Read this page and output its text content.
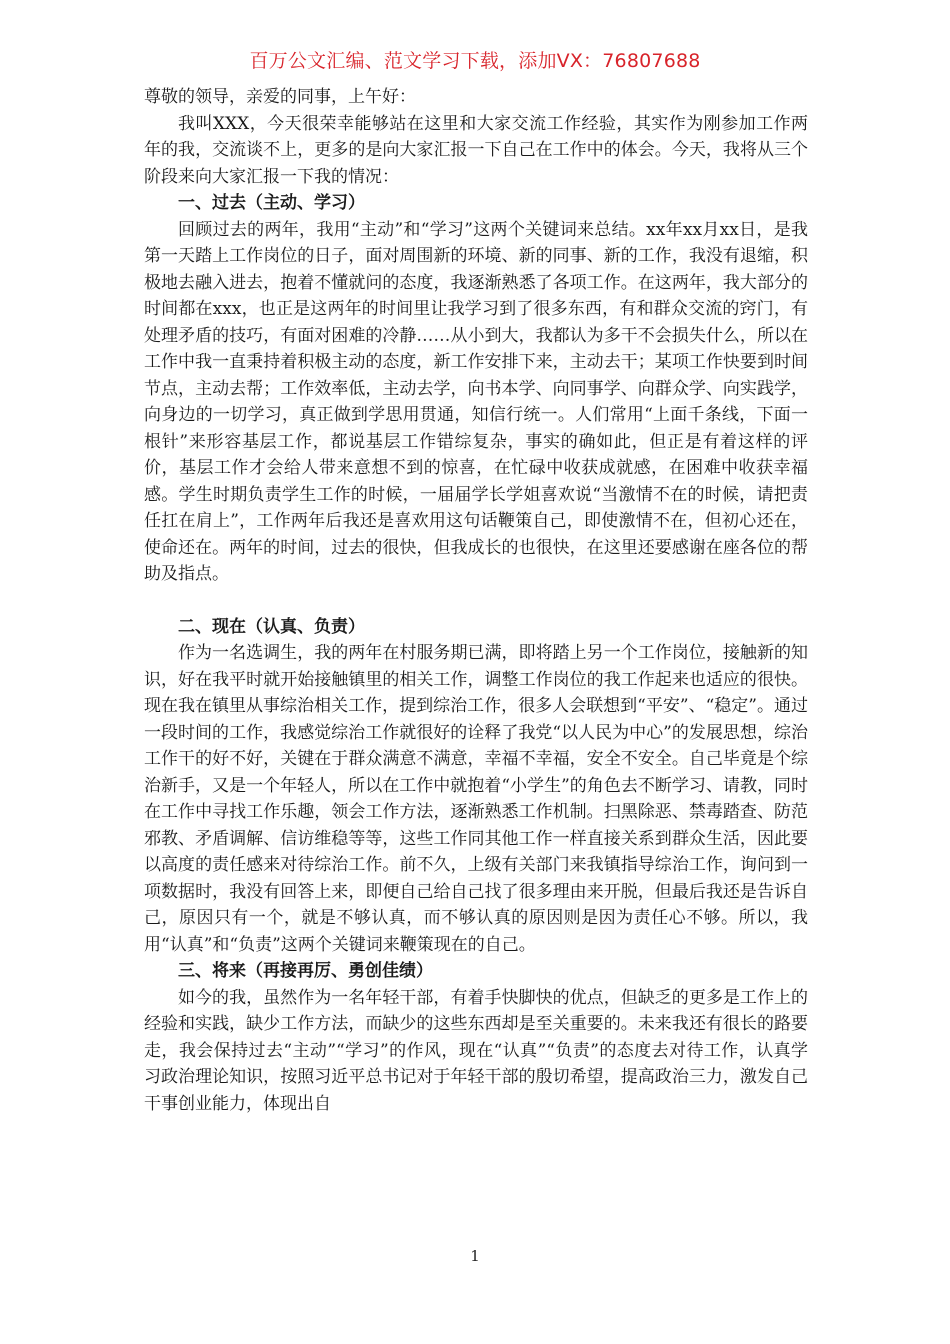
百万公文汇编、范文学习下载，添加VX：76807688

尊敬的领导，亲爱的同事，上午好：

我叫XXX，今天很荣幸能够站在这里和大家交流工作经验，其实作为刚参加工作两年的我，交流谈不上，更多的是向大家汇报一下自己在工作中的体会。今天，我将从三个阶段来向大家汇报一下我的情况：

一、过去（主动、学习）

回顾过去的两年，我用“主动”和“学习”这两个关键词来总结。xx年xx月xx日，是我第一天踏上工作岗位的日子，面对周围新的环境、新的同事、新的工作，我没有退缩，积极地去融入进去，抱着不懂就问的态度，我逐渐熟悉了各项工作。在这两年，我大部分的时间都在xxx，也正是这两年的时间里让我学习到了很多东西，有和群众交流的窍门，有处理矛盾的技巧，有面对困难的冷静……从小到大，我都认为多干不会损失什么，所以在工作中我一直秉持着积极主动的态度，新工作安排下来，主动去干；某项工作快要到时间节点，主动去帮；工作效率低，主动去学，向书本学、向同事学、向群众学、向实践学，向身边的一切学习，真正做到学思用贯通，知信行统一。人们常用“上面千条线，下面一根针”来形容基层工作，都说基层工作错综复杂，事实的确如此，但正是有着这样的评价，基层工作才会给人带来意想不到的惊喜，在忙碌中收获成就感，在困难中收获幸福感。学生时期负责学生工作的时候，一届届学长学姐喜欢说“当激情不在的时候，请把责任扛在肩上”，工作两年后我还是喜欢用这句话鞭策自己，即使激情不在，但初心还在，使命还在。两年的时间，过去的很快，但我成长的也很快，在这里还要感谢在座各位的帮助及指点。

二、现在（认真、负责）

作为一名选调生，我的两年在村服务期已满，即将踏上另一个工作岗位，接触新的知识，好在我平时就开始接触镇里的相关工作，调整工作岗位的我工作起来也适应的很快。现在我在镇里从事综治相关工作，提到综治工作，很多人会联想到“平安”、“稳定”。通过一段时间的工作，我感觉综治工作就很好的诠释了我党“以人民为中心”的发展思想，综治工作干的好不好，关键在于群众满意不满意，幸福不幸福，安全不安全。自己毕竟是个综治新手，又是一个年轻人，所以在工作中就抱着“小学生”的角色去不断学习、请教，同时在工作中寻找工作乐趣，领会工作方法，逐渐熟悉工作机制。扫黑除恶、禁毒踏查、防范邪教、矛盾调解、信访维稳等等，这些工作同其他工作一样直接关系到群众生活，因此要以高度的责任感来对待综治工作。前不久，上级有关部门来我镇指导综治工作，询问到一项数据时，我没有回答上来，即便自己给自己找了很多理由来开脱，但最后我还是告诉自己，原因只有一个，就是不够认真，而不够认真的原因则是因为责任心不够。所以，我用“认真”和“负责”这两个关键词来鞭策现在的自己。

三、将来（再接再厉、勇创佳绩）

如今的我，虽然作为一名年轻干部，有着手快脚快的优点，但缺乏的更多是工作上的经验和实践，缺少工作方法，而缺少的这些东西却是至关重要的。未来我还有很长的路要走，我会保持过去“主动”“学习”的作风，现在“认真”“负责”的态度去对待工作，认真学习政治理论知识，按照习近平总书记对于年轻干部的殷切希望，提高政治三力，激发自己干事创业能力，体现出自

1
